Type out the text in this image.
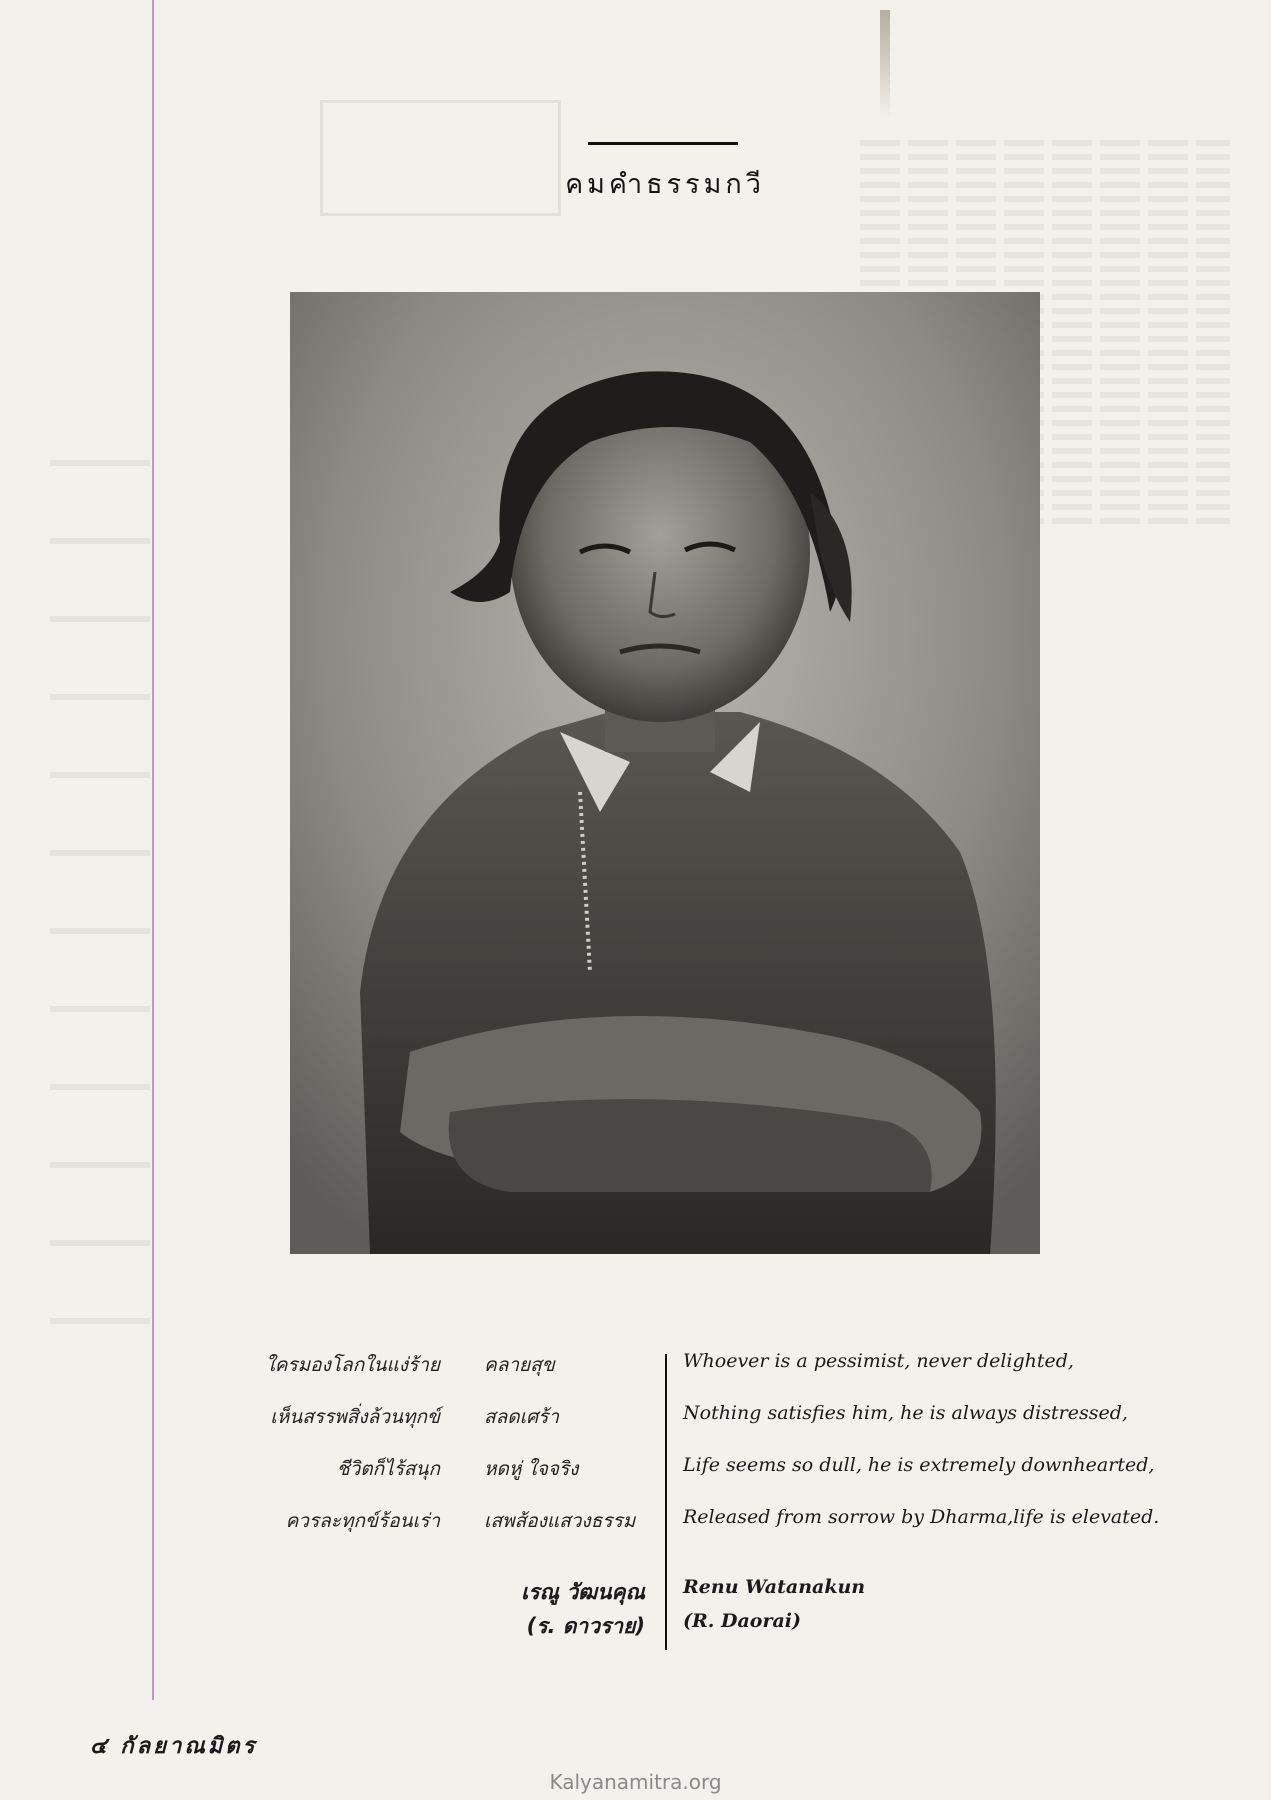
คมคำธรรมกวี
ใครมองโลกในแง่ร้าย คลายสุข	Whoever is a pessimist, never delighted,
เห็นสรรพสิ่งล้วนทุกข์ สลดเศร้า	Nothing satisfies him, he is always distressed,
ชีวิตก็ไร้สนุก หดหู่ ใจจริง	Life seems so dull, he is extremely downhearted,
ควรละทุกข์ร้อนเร่า เสพส้องแสวงธรรม	Released from sorrow by Dharma,life is elevated.
เรณู วัฒนคุณ Renu Watanakun
(ร. ดาวราย) (R. Daorai)
๔ กัลยาณมิตร
Kalyanamitra.org
